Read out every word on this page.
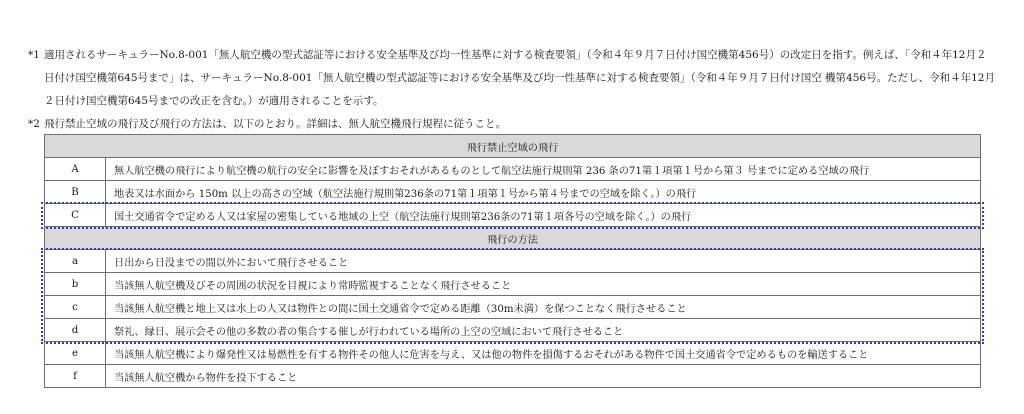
*1 適用されるサーキュラーNo.8-001「無人航空機の型式認証等における安全基準及び均一性基準に対する検査要領」（令和４年９月７日付け国空機第456号）の改定日を指す。例えば、「令和４年12月２日付け国空機第645号まで」は、サーキュラーNo.8-001「無人航空機の型式認証等における安全基準及び均一性基準に対する検査要領」（令和４年９月７日付け国空 機第456号。ただし、令和４年12月２日付け国空機第645号までの改正を含む。）が適用されることを示す。
*2 飛行禁止空域の飛行及び飛行の方法は、以下のとおり。詳細は、無人航空機飛行規程に従うこと。
飛行禁止空域の飛行	
A	無人航空機の飛行により航空機の航行の安全に影響を及ぼすおそれがあるものとして航空法施行規則第 236 条の71第１項第１号から第３ 号までに定める空域の飛行
B	地表又は水面から 150m 以上の高さの空域（航空法施行規則第236条の71第１項第１号から第４号までの空域を除く。）の飛行
C	国土交通省令で定める人又は家屋の密集している地域の上空（航空法施行規則第236条の71第１項各号の空域を除く。）の飛行
飛行の方法	
a	日出から日没までの間以外において飛行させること
b	当該無人航空機及びその周囲の状況を目視により常時監視することなく飛行させること
c	当該無人航空機と地上又は水上の人又は物件との間に国土交通省令で定める距離（30m未満）を保つことなく飛行させること
d	祭礼、縁日、展示会その他の多数の者の集合する催しが行われている場所の上空の空域において飛行させること
e	当該無人航空機により爆発性又は易燃性を有する物件その他人に危害を与え、又は他の物件を損傷するおそれがある物件で国土交通省令で定めるものを輸送すること
f	当該無人航空機から物件を投下すること
